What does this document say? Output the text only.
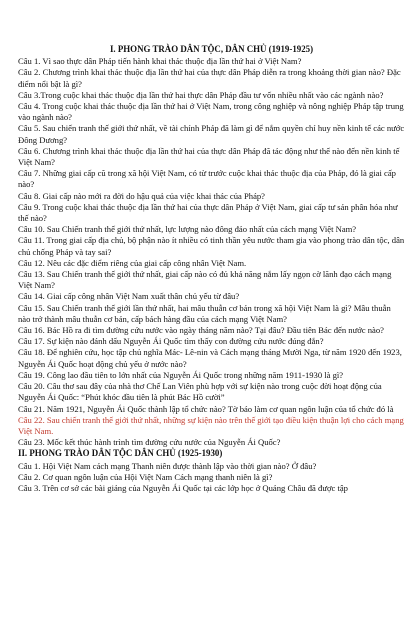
I. PHONG TRÀO DÂN TỘC, DÂN CHỦ (1919-1925)

Câu 1. Vì sao thực dân Pháp tiến hành khai thác thuộc địa lần thứ hai ở Việt Nam?

Câu 2. Chương trình khai thác thuộc địa lần thứ hai của thực dân Pháp diễn ra trong khoảng thời gian nào? Đặc điểm nổi bật là gì?

Câu 3.Trong cuộc khai thác thuộc địa lần thứ hai thực dân Pháp đầu tư vốn nhiều nhất vào các ngành nào?

Câu 4. Trong cuộc khai thác thuộc địa lần thứ hai ở Việt Nam, trong công nghiệp và nông nghiệp Pháp tập trung vào ngành nào?

Câu 5. Sau chiến tranh thế giới thứ nhất, về tài chính Pháp đã làm gì để nắm quyền chỉ huy nền kinh tế các nước Đông Dương?

Câu 6. Chương trình khai thác thuộc địa lần thứ hai của thực dân Pháp đã tác động như thế nào đến nền kinh tế Việt Nam?

Câu 7. Những giai cấp cũ trong xã hội Việt Nam, có từ trước cuộc khai thác thuộc địa của Pháp, đó là giai cấp nào?

Câu 8. Giai cấp nào mới ra đời do hậu quả của việc khai thác của Pháp?

Câu 9. Trong cuộc khai thác thuộc địa lần thứ hai của thực dân Pháp ở Việt Nam, giai cấp tư sản phân hóa như thế nào?

Câu 10. Sau Chiến tranh thế giới thứ nhất, lực lượng nào đông đảo nhất của cách mạng Việt Nam?

Câu 11. Trong giai cấp địa chủ, bộ phận nào ít nhiều có tinh thần yêu nước tham gia vào phong trào dân tộc, dân chủ chống Pháp và tay sai?

Câu 12. Nêu các đặc điểm riêng của giai cấp công nhân Việt Nam.

Câu 13. Sau Chiến tranh thế giới thứ nhất, giai cấp nào có đủ khả năng nắm lấy ngọn cờ lãnh đạo cách mạng Việt Nam?

Câu 14. Giai cấp công nhân Việt Nam xuất thân chủ yếu từ đâu?

Câu 15. Sau Chiến tranh thế giới lần thứ nhất, hai mâu thuẫn cơ bản trong xã hội Việt Nam là gì? Mâu thuẫn nào trở thành mâu thuẫn cơ bản, cấp bách hàng đầu của cách mạng Việt Nam?

Câu 16. Bác Hồ ra đi tìm đường cứu nước vào ngày tháng năm nào? Tại đâu? Đầu tiên Bác đến nước nào?

Câu 17. Sự kiện nào đánh dấu Nguyễn Ái Quốc tìm thấy con đường cứu nước đúng đắn?

Câu 18. Để nghiên cứu, học tập chủ nghĩa Mác- Lê-nin và Cách mạng tháng Mười Nga, từ năm 1920 đến 1923, Nguyễn Ái Quốc hoạt động chủ yếu ở nước nào?

Câu 19. Công lao đầu tiên to lớn nhất của Nguyễn Ái Quốc trong những năm 1911-1930 là gì?

Câu 20. Câu thơ sau đây của nhà thơ Chế Lan Viên phù hợp với sự kiện nào trong cuộc đời hoạt động của Nguyễn Ái Quốc: “Phút khóc đầu tiên là phút Bác Hồ cười”

Câu 21. Năm 1921, Nguyễn Ái Quốc thành lập tổ chức nào? Tờ báo làm cơ quan ngôn luận của tổ chức đó là

Câu 22. Sau chiến tranh thế giới thứ nhất, những sự kiện nào trên thế giới tạo điều kiện thuận lợi cho cách mạng Việt Nam.

Câu 23. Mốc kết thúc hành trình tìm đường cứu nước của Nguyễn Ái Quốc?

II. PHONG TRÀO DÂN TỘC DÂN CHỦ (1925-1930)

Câu 1. Hội Việt Nam cách mạng Thanh niên được thành lập vào thời gian nào? Ở đâu?

Câu 2. Cơ quan ngôn luận của Hội Việt Nam Cách mạng thanh niên là gì?

Câu 3. Trên cơ sở các bài giảng của Nguyễn Ái Quốc tại các lớp học ở Quảng Châu đã được tập
